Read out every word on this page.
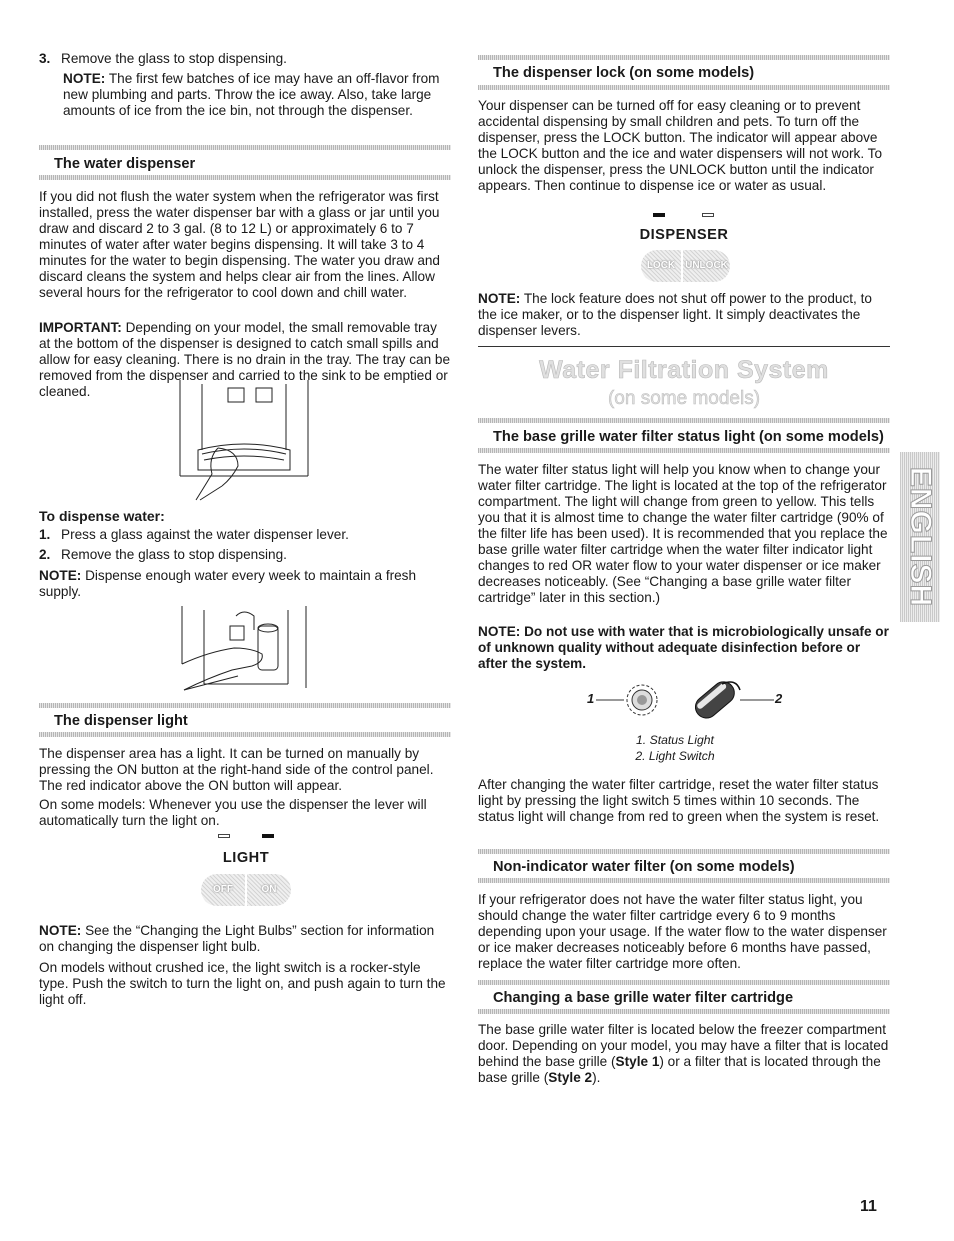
3. Remove the glass to stop dispensing.

NOTE: The first few batches of ice may have an off-flavor from new plumbing and parts. Throw the ice away. Also, take large amounts of ice from the ice bin, not through the dispenser.

The water dispenser

If you did not flush the water system when the refrigerator was first installed, press the water dispenser bar with a glass or jar until you draw and discard 2 to 3 gal. (8 to 12 L) or approximately 6 to 7 minutes of water after water begins dispensing. It will take 3 to 4 minutes for the water to begin dispensing. The water you draw and discard cleans the system and helps clear air from the lines. Allow several hours for the refrigerator to cool down and chill water.

IMPORTANT: Depending on your model, the small removable tray at the bottom of the dispenser is designed to catch small spills and allow for easy cleaning. There is no drain in the tray. The tray can be removed from the dispenser and carried to the sink to be emptied or cleaned.

To dispense water:
1. Press a glass against the water dispenser lever.
2. Remove the glass to stop dispensing.

NOTE: Dispense enough water every week to maintain a fresh supply.

The dispenser light

The dispenser area has a light. It can be turned on manually by pressing the ON button at the right-hand side of the control panel. The red indicator above the ON button will appear.

On some models: Whenever you use the dispenser the lever will automatically turn the light on.

LIGHT
OFF	ON

NOTE: See the “Changing the Light Bulbs” section for information on changing the dispenser light bulb.

On models without crushed ice, the light switch is a rocker-style type. Push the switch to turn the light on, and push again to turn the light off.

The dispenser lock (on some models)

Your dispenser can be turned off for easy cleaning or to prevent accidental dispensing by small children and pets. To turn off the dispenser, press the LOCK button. The indicator will appear above the LOCK button and the ice and water dispensers will not work. To unlock the dispenser, press the UNLOCK button until the indicator appears. Then continue to dispense ice or water as usual.

DISPENSER
LOCK UNLOCK

NOTE: The lock feature does not shut off power to the product, to the ice maker, or to the dispenser light. It simply deactivates the dispenser levers.

Water Filtration System
(on some models)
The base grille water filter status light (on some models)

The water filter status light will help you know when to change your water filter cartridge. The light is located at the top of the refrigerator compartment. The light will change from green to yellow. This tells you that it is almost time to change the water filter cartridge (90% of the filter life has been used). It is recommended that you replace the base grille water filter cartridge when the water filter indicator light changes to red OR water flow to your water dispenser or ice maker decreases noticeably. (See “Changing a base grille water filter cartridge” later in this section.)

NOTE: Do not use with water that is microbiologically unsafe or of unknown quality without adequate disinfection before or after the system.

1	2
1. Status Light
2. Light Switch

After changing the water filter cartridge, reset the water filter status light by pressing the light switch 5 times within 10 seconds. The status light will change from red to green when the system is reset.

Non-indicator water filter (on some models)

If your refrigerator does not have the water filter status light, you should change the water filter cartridge every 6 to 9 months depending upon your usage. If the water flow to the water dispenser or ice maker decreases noticeably before 6 months have passed, replace the water filter cartridge more often.

Changing a base grille water filter cartridge

The base grille water filter is located below the freezer compartment door. Depending on your model, you may have a filter that is located behind the base grille (Style 1) or a filter that is located through the base grille (Style 2).

ENGLISH
11
